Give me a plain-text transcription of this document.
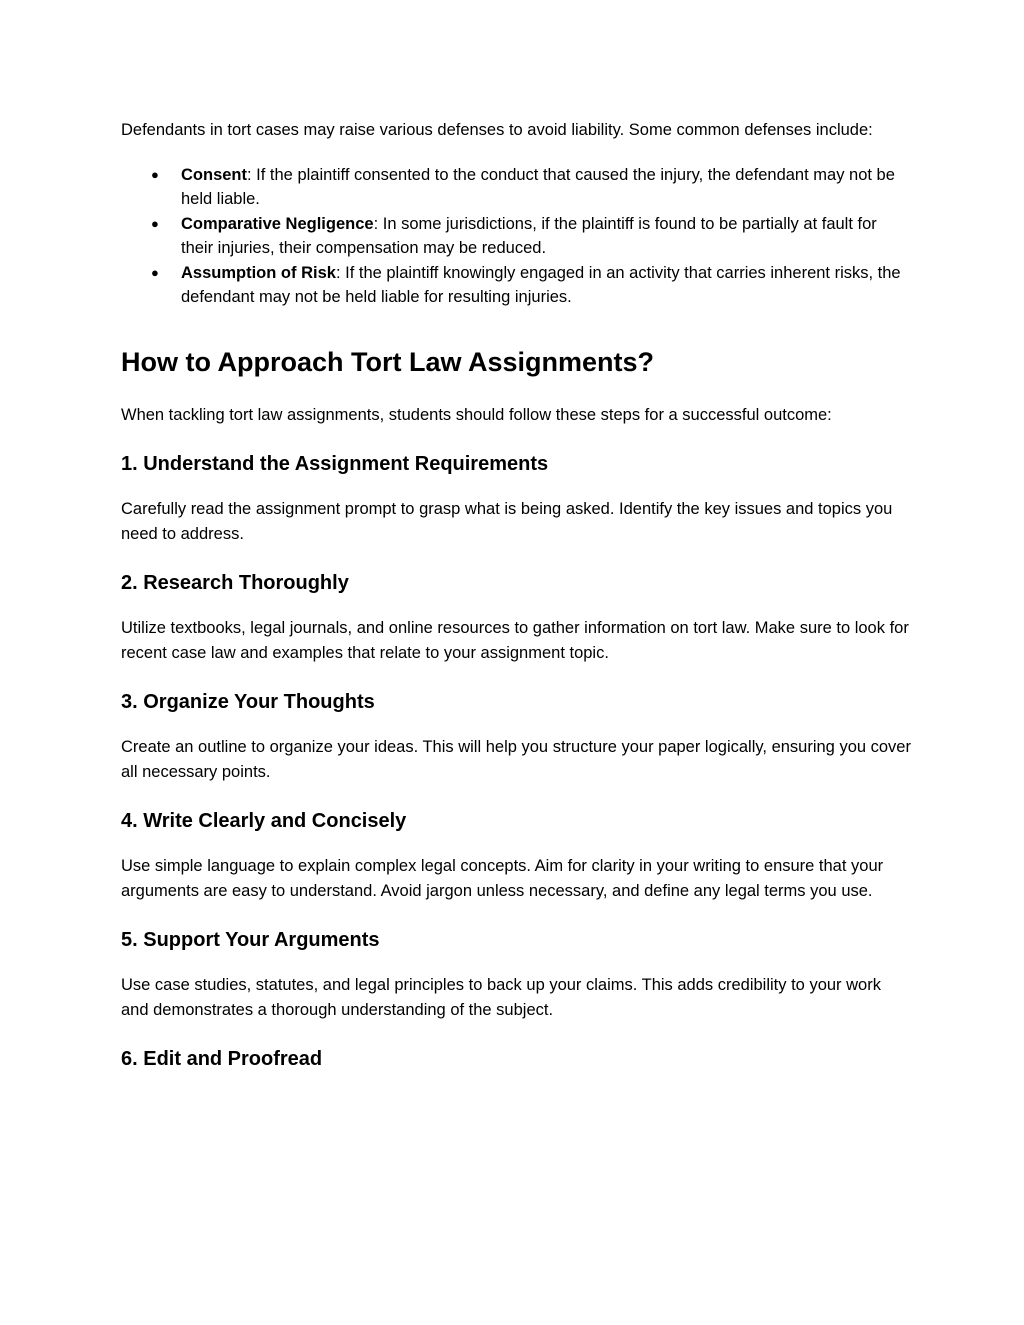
Defendants in tort cases may raise various defenses to avoid liability. Some common defenses include:

● Consent: If the plaintiff consented to the conduct that caused the injury, the defendant may not be held liable.
● Comparative Negligence: In some jurisdictions, if the plaintiff is found to be partially at fault for their injuries, their compensation may be reduced.
● Assumption of Risk: If the plaintiff knowingly engaged in an activity that carries inherent risks, the defendant may not be held liable for resulting injuries.
How to Approach Tort Law Assignments?

When tackling tort law assignments, students should follow these steps for a successful outcome:

1. Understand the Assignment Requirements

Carefully read the assignment prompt to grasp what is being asked. Identify the key issues and topics you need to address.

2. Research Thoroughly

Utilize textbooks, legal journals, and online resources to gather information on tort law. Make sure to look for recent case law and examples that relate to your assignment topic.

3. Organize Your Thoughts

Create an outline to organize your ideas. This will help you structure your paper logically, ensuring you cover all necessary points.

4. Write Clearly and Concisely

Use simple language to explain complex legal concepts. Aim for clarity in your writing to ensure that your arguments are easy to understand. Avoid jargon unless necessary, and define any legal terms you use.

5. Support Your Arguments

Use case studies, statutes, and legal principles to back up your claims. This adds credibility to your work and demonstrates a thorough understanding of the subject.

6. Edit and Proofread
